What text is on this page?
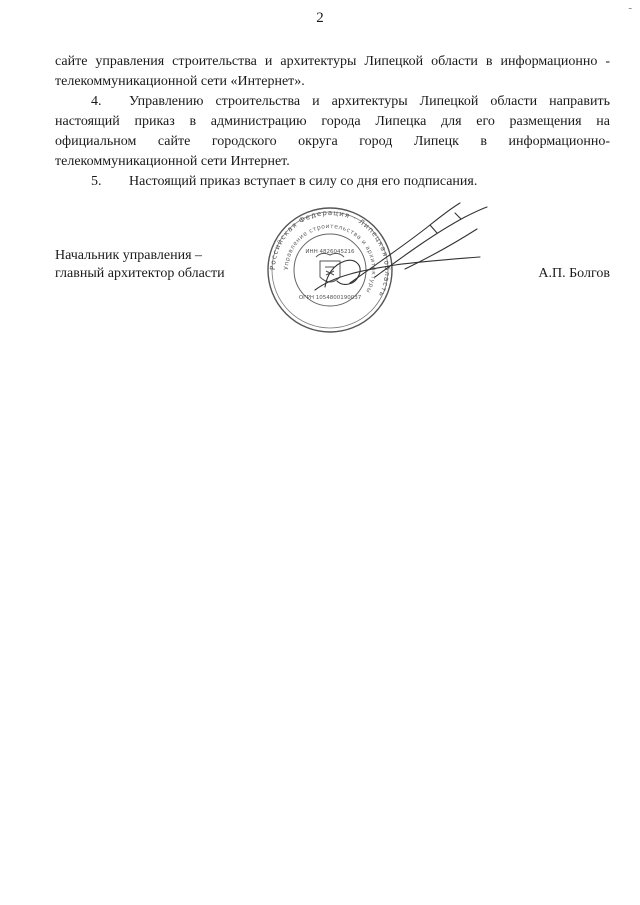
2
-

сайте управления строительства и архитектуры Липецкой области в информационно -

телекоммуникационной сети «Интернет».

4. Управлению строительства и архитектуры Липецкой области направить

настоящий приказ в администрацию города Липецка для его размещения на

официальном сайте городского округа город Липецк в информационно-

телекоммуникационной сети Интернет.

5. Настоящий приказ вступает в силу со дня его подписания.

Начальник управления –
главный архитектор области	А.П. Болгов
Российская Федерация · Липецкая область
Управление строительства и архитектуры
ИНН 4826045216
ОГРН 1054800190037
